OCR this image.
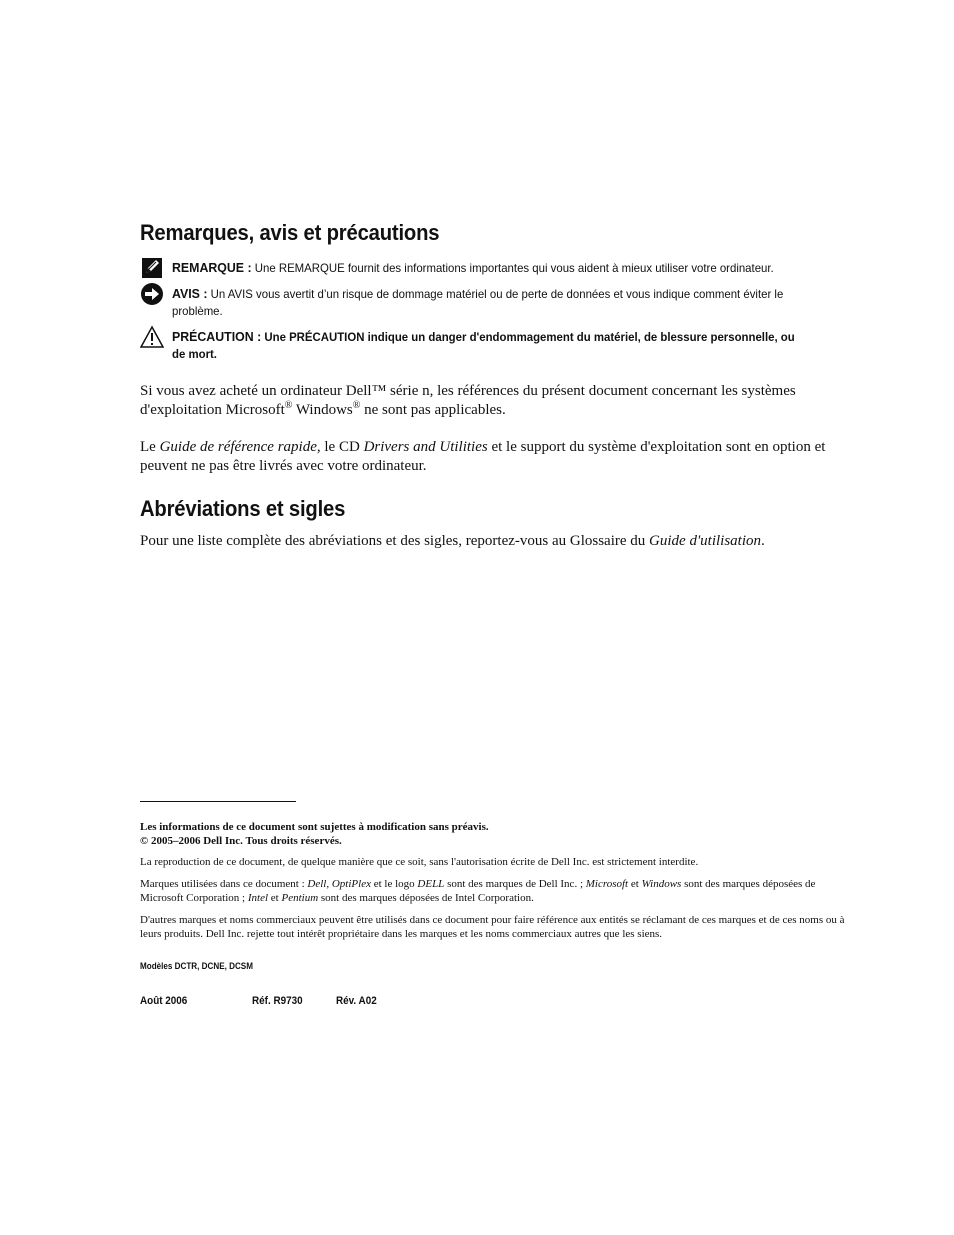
Remarques, avis et précautions
REMARQUE : Une REMARQUE fournit des informations importantes qui vous aident à mieux utiliser votre ordinateur.
AVIS : Un AVIS vous avertit d’un risque de dommage matériel ou de perte de données et vous indique comment éviter le problème.
PRÉCAUTION : Une PRÉCAUTION indique un danger d'endommagement du matériel, de blessure personnelle, ou de mort.

Si vous avez acheté un ordinateur Dell™ série n, les références du présent document concernant les systèmes d'exploitation Microsoft® Windows® ne sont pas applicables.

Le Guide de référence rapide, le CD Drivers and Utilities et le support du système d'exploitation sont en option et peuvent ne pas être livrés avec votre ordinateur.

Abréviations et sigles

Pour une liste complète des abréviations et des sigles, reportez-vous au Glossaire du Guide d'utilisation.

Les informations de ce document sont sujettes à modification sans préavis.
© 2005–2006 Dell Inc. Tous droits réservés.

La reproduction de ce document, de quelque manière que ce soit, sans l'autorisation écrite de Dell Inc. est strictement interdite.

Marques utilisées dans ce document : Dell, OptiPlex et le logo DELL sont des marques de Dell Inc. ; Microsoft et Windows sont des marques déposées de Microsoft Corporation ; Intel et Pentium sont des marques déposées de Intel Corporation.

D'autres marques et noms commerciaux peuvent être utilisés dans ce document pour faire référence aux entités se réclamant de ces marques et de ces noms ou à leurs produits. Dell Inc. rejette tout intérêt propriétaire dans les marques et les noms commerciaux autres que les siens.

Modèles DCTR, DCNE, DCSM
Août 2006	Réf. R9730	Rév. A02
